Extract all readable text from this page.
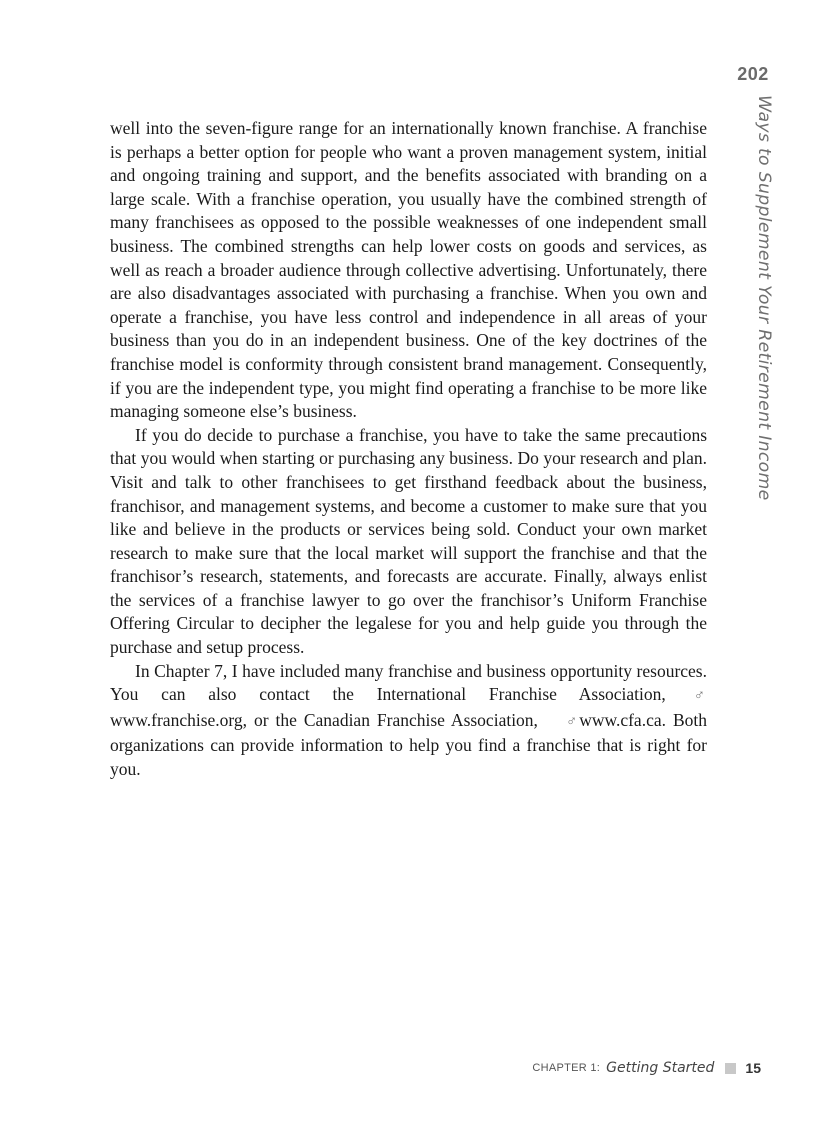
202
Ways to Supplement Your Retirement Income

well into the seven-figure range for an internationally known franchise. A franchise is perhaps a better option for people who want a proven management system, initial and ongoing training and support, and the benefits associated with branding on a large scale. With a franchise operation, you usually have the combined strength of many franchisees as opposed to the possible weaknesses of one independent small business. The combined strengths can help lower costs on goods and services, as well as reach a broader audience through collective advertising. Unfortunately, there are also disadvantages associated with purchasing a franchise. When you own and operate a franchise, you have less control and independence in all areas of your business than you do in an independent business. One of the key doctrines of the franchise model is conformity through consistent brand management. Consequently, if you are the independent type, you might find operating a franchise to be more like managing someone else’s business.

If you do decide to purchase a franchise, you have to take the same precautions that you would when starting or purchasing any business. Do your research and plan. Visit and talk to other franchisees to get firsthand feedback about the business, franchisor, and management systems, and become a customer to make sure that you like and believe in the products or services being sold. Conduct your own market research to make sure that the local market will support the franchise and that the franchisor’s research, statements, and forecasts are accurate. Finally, always enlist the services of a franchise lawyer to go over the franchisor’s Uniform Franchise Offering Circular to decipher the legalese for you and help guide you through the purchase and setup process.

In Chapter 7, I have included many franchise and business opportunity resources. You can also contact the International Franchise Association, ♂www.franchise.org, or the Canadian Franchise Association, ♂ www.cfa.ca. Both organizations can provide information to help you find a franchise that is right for you.

CHAPTER 1: Getting Started 15
